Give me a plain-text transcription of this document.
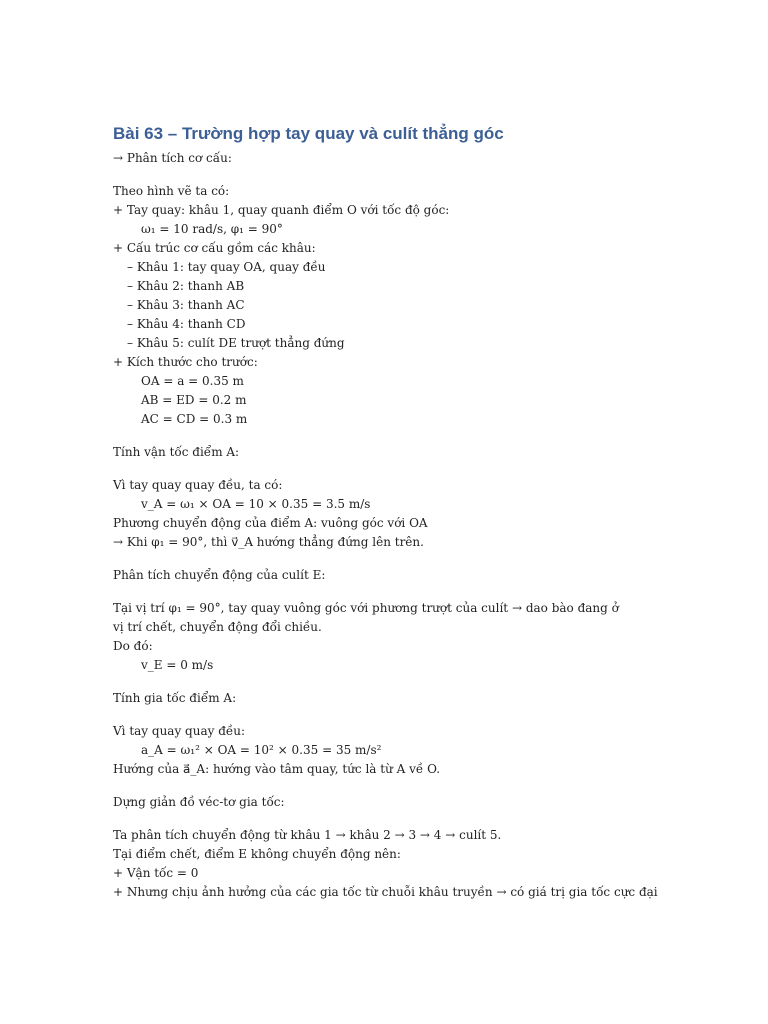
Bài 63 – Trường hợp tay quay và culít thẳng góc
→ Phân tích cơ cấu:
Theo hình vẽ ta có:
+ Tay quay: khâu 1, quay quanh điểm O với tốc độ góc:
ω₁ = 10 rad/s, φ₁ = 90°
+ Cấu trúc cơ cấu gồm các khâu:
– Khâu 1: tay quay OA, quay đều
– Khâu 2: thanh AB
– Khâu 3: thanh AC
– Khâu 4: thanh CD
– Khâu 5: culít DE trượt thẳng đứng
+ Kích thước cho trước:
OA = a = 0.35 m
AB = ED = 0.2 m
AC = CD = 0.3 m
Tính vận tốc điểm A:
Vì tay quay quay đều, ta có:
v_A = ω₁ × OA = 10 × 0.35 = 3.5 m/s
Phương chuyển động của điểm A: vuông góc với OA
→ Khi φ₁ = 90°, thì v⃗_A hướng thẳng đứng lên trên.
Phân tích chuyển động của culít E:
Tại vị trí φ₁ = 90°, tay quay vuông góc với phương trượt của culít → dao bào đang ở vị trí chết, chuyển động đổi chiều.
Do đó:
v_E = 0 m/s
Tính gia tốc điểm A:
Vì tay quay quay đều:
a_A = ω₁² × OA = 10² × 0.35 = 35 m/s²
Hướng của a⃗_A: hướng vào tâm quay, tức là từ A về O.
Dựng giản đồ véc-tơ gia tốc:
Ta phân tích chuyển động từ khâu 1 → khâu 2 → 3 → 4 → culít 5.
Tại điểm chết, điểm E không chuyển động nên:
+ Vận tốc = 0
+ Nhưng chịu ảnh hưởng của các gia tốc từ chuỗi khâu truyền → có giá trị gia tốc cực đại
